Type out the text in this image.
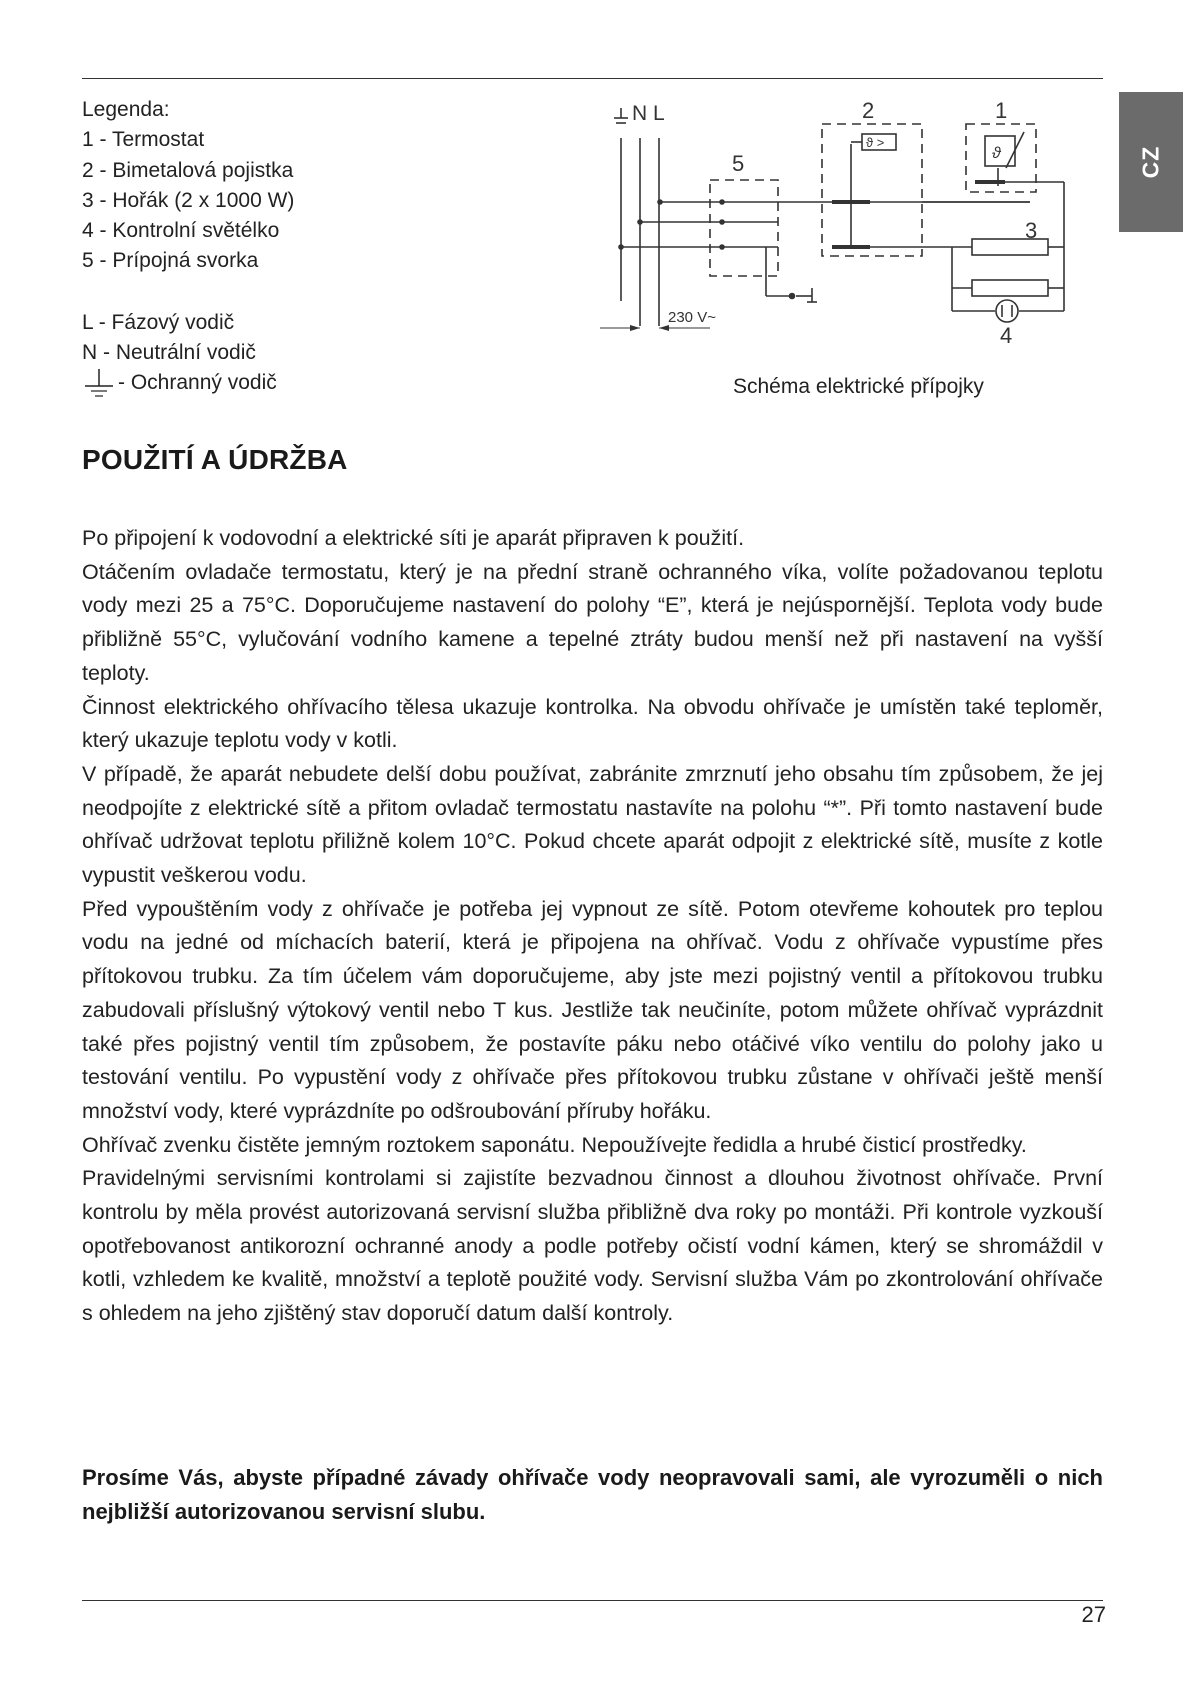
CZ
Legenda:
1 - Termostat
2 - Bimetalová pojistka
3 - Hořák (2 x 1000 W)
4 - Kontrolní světélko
5 - Prípojná svorka
L - Fázový vodič
N - Neutrální vodič
- Ochranný vodič
N L
230 V~
5
2
ϑ >
1
ϑ
3
4
Schéma elektrické přípojky
POUŽITÍ A ÚDRŽBA

Po připojení k vodovodní a elektrické síti je aparát připraven k použití.

Otáčením ovladače termostatu, který je na přední straně ochranného víka, volíte požadovanou teplotu vody mezi 25 a 75°C. Doporučujeme nastavení do polohy “E”, která je nejúspornější. Teplota vody bude přibližně 55°C, vylučování vodního kamene a tepelné ztráty budou menší než při nastavení na vyšší teploty.

Činnost elektrického ohřívacího tělesa ukazuje kontrolka. Na obvodu ohřívače je umístěn také teploměr, který ukazuje teplotu vody v kotli.

V případě, že aparát nebudete delší dobu používat, zabránite zmrznutí jeho obsahu tím způsobem, že jej neodpojíte z elektrické sítě a přitom ovladač termostatu nastavíte na polohu “*”. Při tomto nastavení bude ohřívač udržovat teplotu přiližně kolem 10°C. Pokud chcete aparát odpojit z elektrické sítě, musíte z kotle vypustit veškerou vodu.

Před vypouštěním vody z ohřívače je potřeba jej vypnout ze sítě. Potom otevřeme kohoutek pro teplou vodu na jedné od míchacích baterií, která je připojena na ohřívač. Vodu z ohřívače vypustíme přes přítokovou trubku. Za tím účelem vám doporučujeme, aby jste mezi pojistný ventil a přítokovou trubku zabudovali příslušný výtokový ventil nebo T kus. Jestliže tak neučiníte, potom můžete ohřívač vyprázdnit také přes pojistný ventil tím způsobem, že postavíte páku nebo otáčivé víko ventilu do polohy jako u testování ventilu. Po vypustění vody z ohřívače přes přítokovou trubku zůstane v ohřívači ještě menší množství vody, které vyprázdníte po odšroubování příruby hořáku.

Ohřívač zvenku čistěte jemným roztokem saponátu. Nepoužívejte ředidla a hrubé čisticí prostředky.

Pravidelnými servisními kontrolami si zajistíte bezvadnou činnost a dlouhou životnost ohřívače. První kontrolu by měla provést autorizovaná servisní služba přibližně dva roky po montáži. Při kontrole vyzkouší opotřebovanost antikorozní ochranné anody a podle potřeby očistí vodní kámen, který se shromáždil v kotli, vzhledem ke kvalitě, množství a teplotě použité vody. Servisní služba Vám po zkontrolování ohřívače s ohledem na jeho zjištěný stav doporučí datum další kontroly.

Prosíme Vás, abyste případné závady ohřívače vody neopravovali sami, ale vyrozuměli o nich nejbližší autorizovanou servisní slubu.
27
